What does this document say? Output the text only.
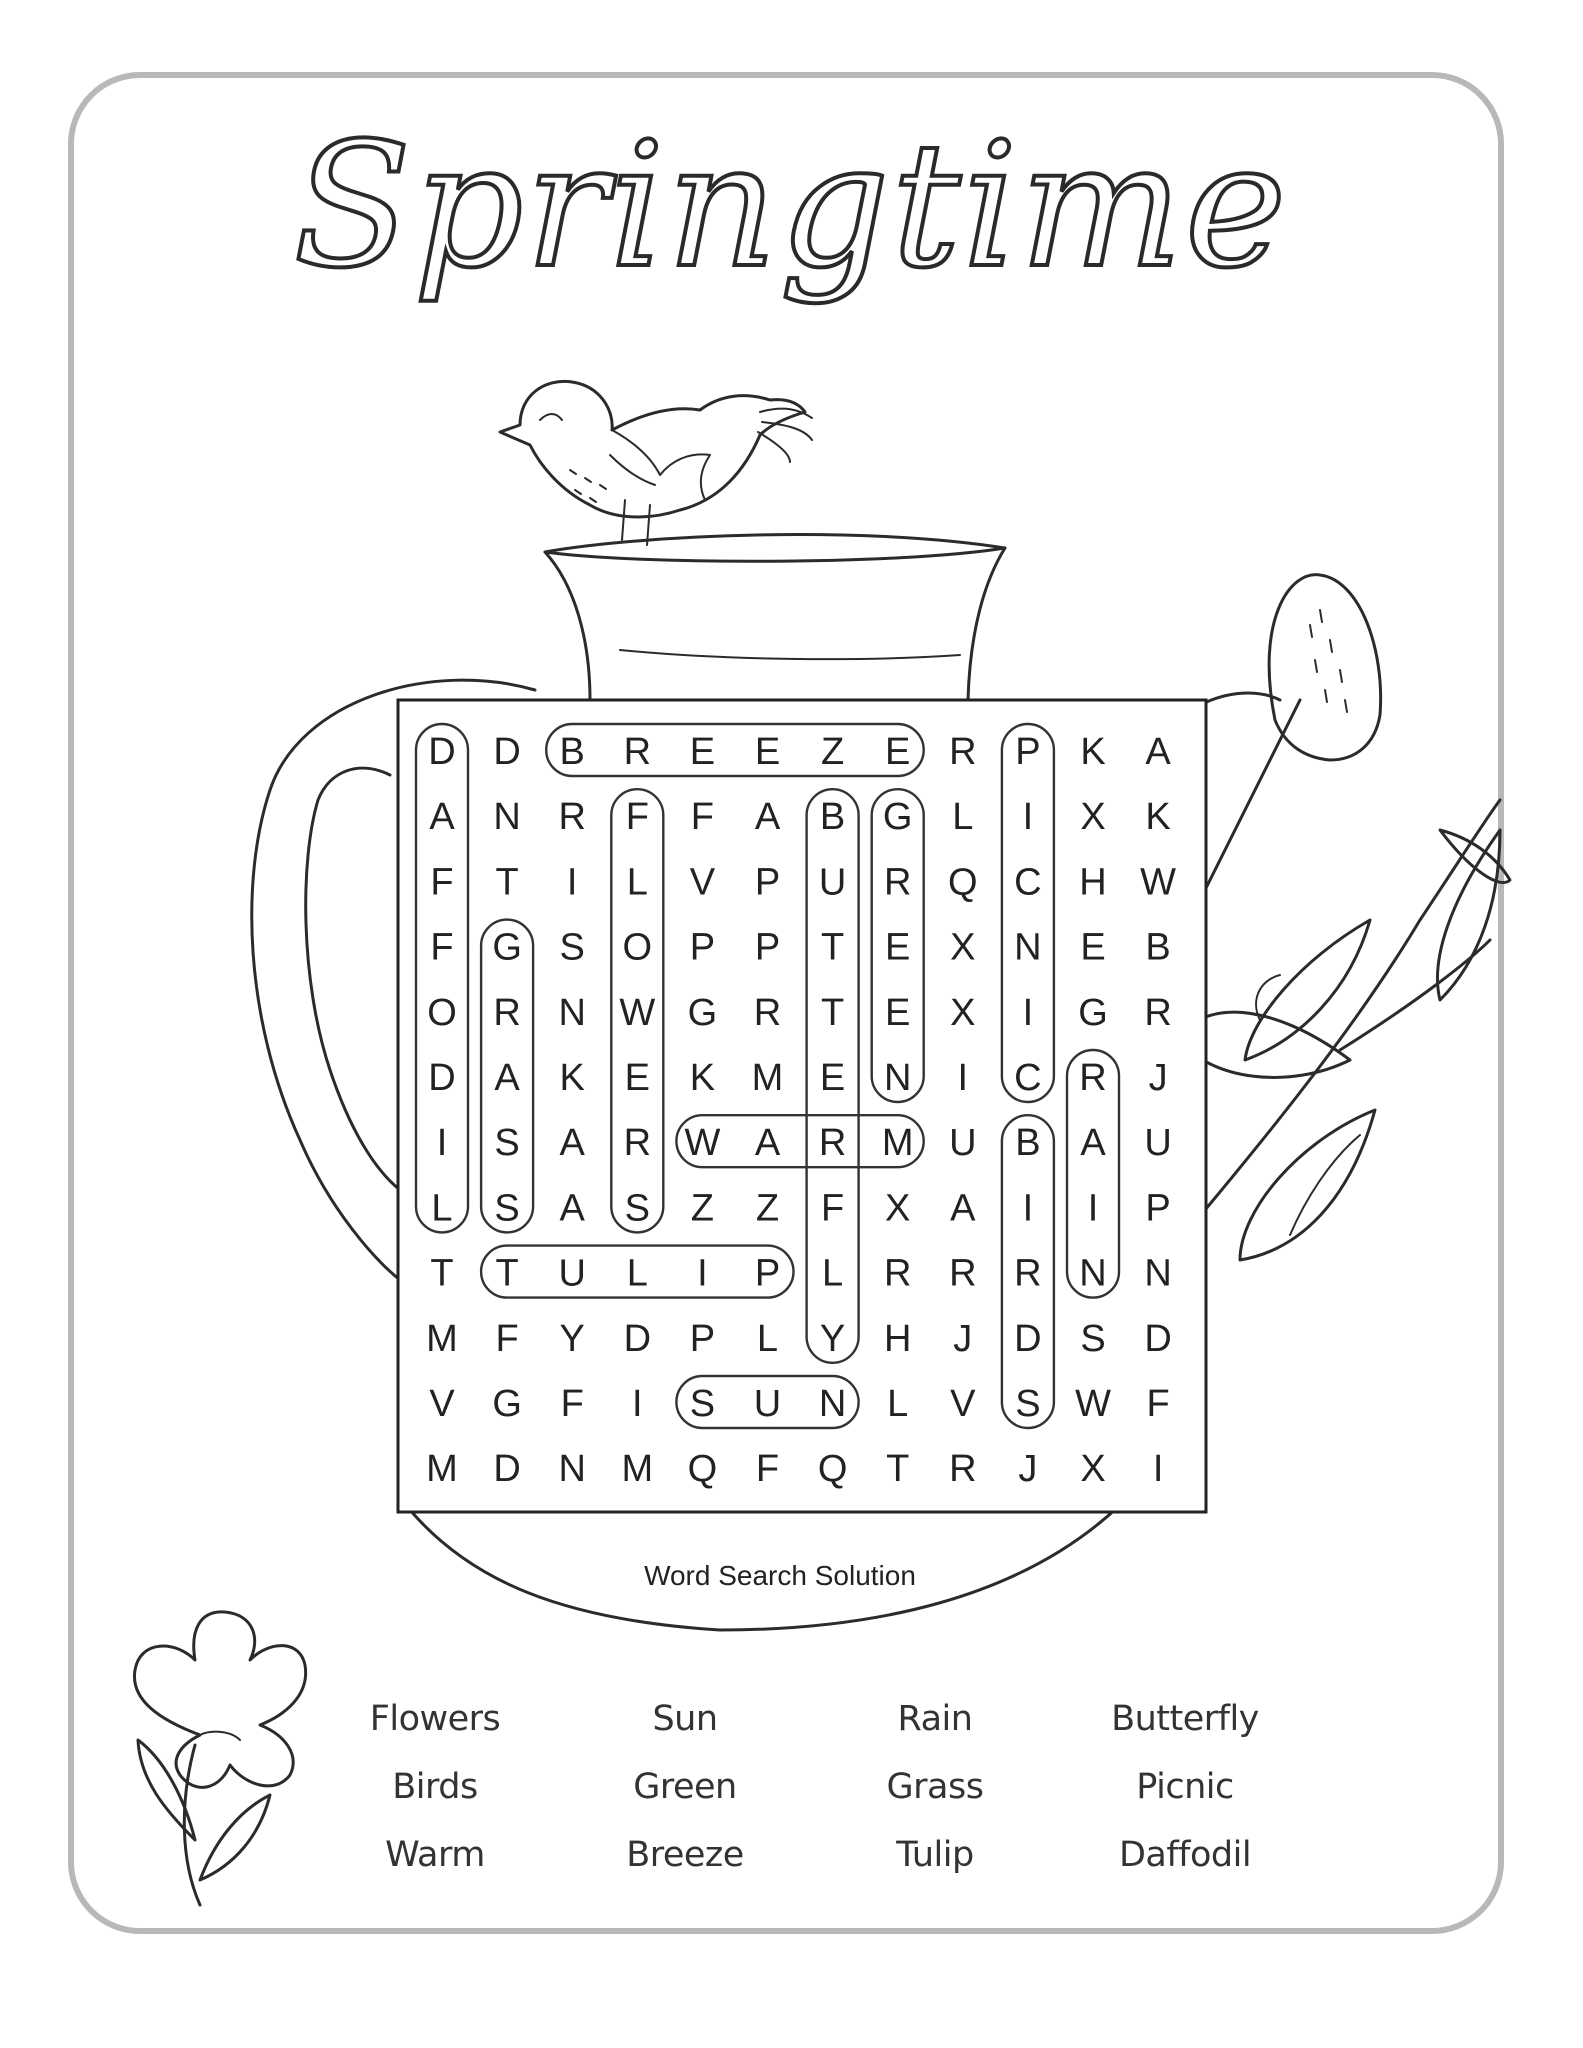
Springtime
D D B R E E Z E R P K A
A N R F F A B G L I X K
F T I L V P U R Q C H W
F G S O P P T E X N E B
O R N W G R T E X I G R
D A K E K M E N I C R J
I S A R W A R M U B A U
L S A S Z Z F X A I I P
T T U L I P L R R R N N
M F Y D P L Y H J D S D
V G F I S U N L V S W F
M D N M Q F Q T R J X I
Word Search Solution
Flowers	Sun	Rain	Butterfly
Birds	Green	Grass	Picnic
Warm	Breeze	Tulip	Daffodil
